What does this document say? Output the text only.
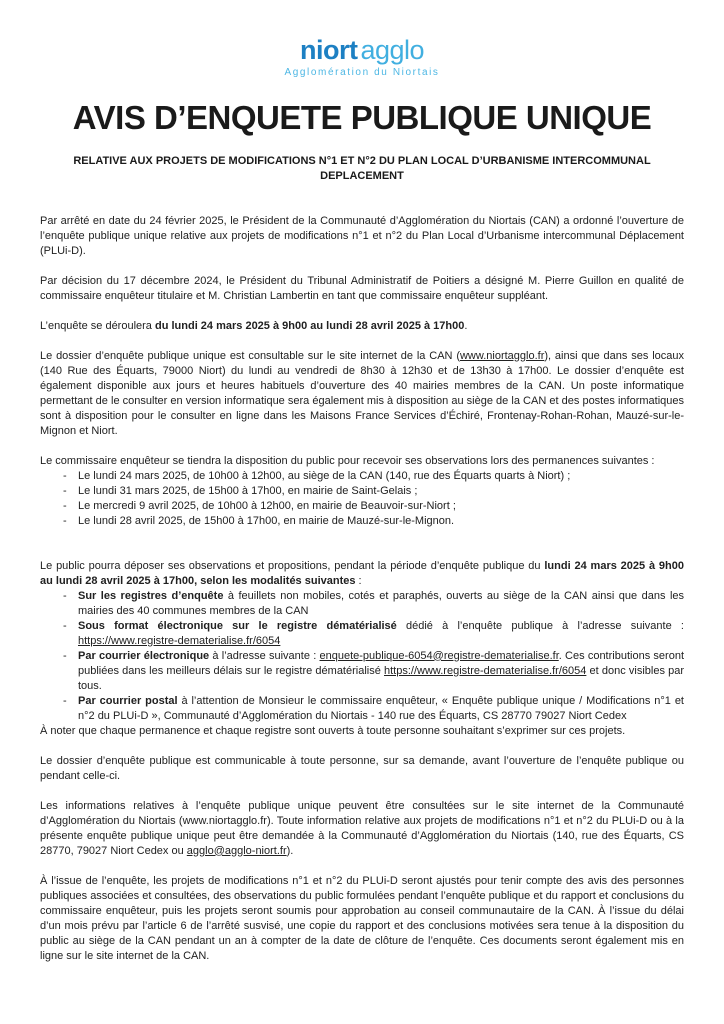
niort agglo
Agglomération du Niortais
AVIS D’ENQUETE PUBLIQUE UNIQUE
RELATIVE AUX PROJETS DE MODIFICATIONS N°1 ET N°2 DU PLAN LOCAL D’URBANISME INTERCOMMUNAL
DEPLACEMENT

Par arrêté en date du 24 février 2025, le Président de la Communauté d’Agglomération du Niortais (CAN) a ordonné l’ouverture de l’enquête publique unique relative aux projets de modifications n°1 et n°2 du Plan Local d’Urbanisme intercommunal Déplacement (PLUi-D).

Par décision du 17 décembre 2024, le Président du Tribunal Administratif de Poitiers a désigné M. Pierre Guillon en qualité de commissaire enquêteur titulaire et M. Christian Lambertin en tant que commissaire enquêteur suppléant.

L’enquête se déroulera du lundi 24 mars 2025 à 9h00 au lundi 28 avril 2025 à 17h00.

Le dossier d’enquête publique unique est consultable sur le site internet de la CAN (www.niortagglo.fr), ainsi que dans ses locaux (140 Rue des Équarts, 79000 Niort) du lundi au vendredi de 8h30 à 12h30 et de 13h30 à 17h00. Le dossier d’enquête est également disponible aux jours et heures habituels d’ouverture des 40 mairies membres de la CAN. Un poste informatique permettant de le consulter en version informatique sera également mis à disposition au siège de la CAN et des postes informatiques sont à disposition pour le consulter en ligne dans les Maisons France Services d’Échiré, Frontenay-Rohan-Rohan, Mauzé-sur-le-Mignon et Niort.

Le commissaire enquêteur se tiendra la disposition du public pour recevoir ses observations lors des permanences suivantes :

- Le lundi 24 mars 2025, de 10h00 à 12h00, au siège de la CAN (140, rue des Équarts quarts à Niort) ;
- Le lundi 31 mars 2025, de 15h00 à 17h00, en mairie de Saint-Gelais ;
- Le mercredi 9 avril 2025, de 10h00 à 12h00, en mairie de Beauvoir-sur-Niort ;
- Le lundi 28 avril 2025, de 15h00 à 17h00, en mairie de Mauzé-sur-le-Mignon.

Le public pourra déposer ses observations et propositions, pendant la période d’enquête publique du lundi 24 mars 2025 à 9h00 au lundi 28 avril 2025 à 17h00, selon les modalités suivantes :

- Sur les registres d’enquête à feuillets non mobiles, cotés et paraphés, ouverts au siège de la CAN ainsi que dans les mairies des 40 communes membres de la CAN
- Sous format électronique sur le registre dématérialisé dédié à l’enquête publique à l’adresse suivante : https://www.registre-dematerialise.fr/6054
- Par courrier électronique à l’adresse suivante : enquete-publique-6054@registre-dematerialise.fr. Ces contributions seront publiées dans les meilleurs délais sur le registre dématérialisé https://www.registre-dematerialise.fr/6054 et donc visibles par tous.
- Par courrier postal à l’attention de Monsieur le commissaire enquêteur, « Enquête publique unique / Modifications n°1 et n°2 du PLUi-D », Communauté d’Agglomération du Niortais - 140 rue des Équarts, CS 28770 79027 Niort Cedex

À noter que chaque permanence et chaque registre sont ouverts à toute personne souhaitant s’exprimer sur ces projets.

Le dossier d’enquête publique est communicable à toute personne, sur sa demande, avant l’ouverture de l’enquête publique ou pendant celle-ci.

Les informations relatives à l’enquête publique unique peuvent être consultées sur le site internet de la Communauté d’Agglomération du Niortais (www.niortagglo.fr). Toute information relative aux projets de modifications n°1 et n°2 du PLUi-D ou à la présente enquête publique unique peut être demandée à la Communauté d’Agglomération du Niortais (140, rue des Équarts, CS 28770, 79027 Niort Cedex ou agglo@agglo-niort.fr).

À l’issue de l’enquête, les projets de modifications n°1 et n°2 du PLUi-D seront ajustés pour tenir compte des avis des personnes publiques associées et consultées, des observations du public formulées pendant l’enquête publique et du rapport et conclusions du commissaire enquêteur, puis les projets seront soumis pour approbation au conseil communautaire de la CAN. À l’issue du délai d’un mois prévu par l’article 6 de l’arrêté susvisé, une copie du rapport et des conclusions motivées sera tenue à la disposition du public au siège de la CAN pendant un an à compter de la date de clôture de l’enquête. Ces documents seront également mis en ligne sur le site internet de la CAN.
